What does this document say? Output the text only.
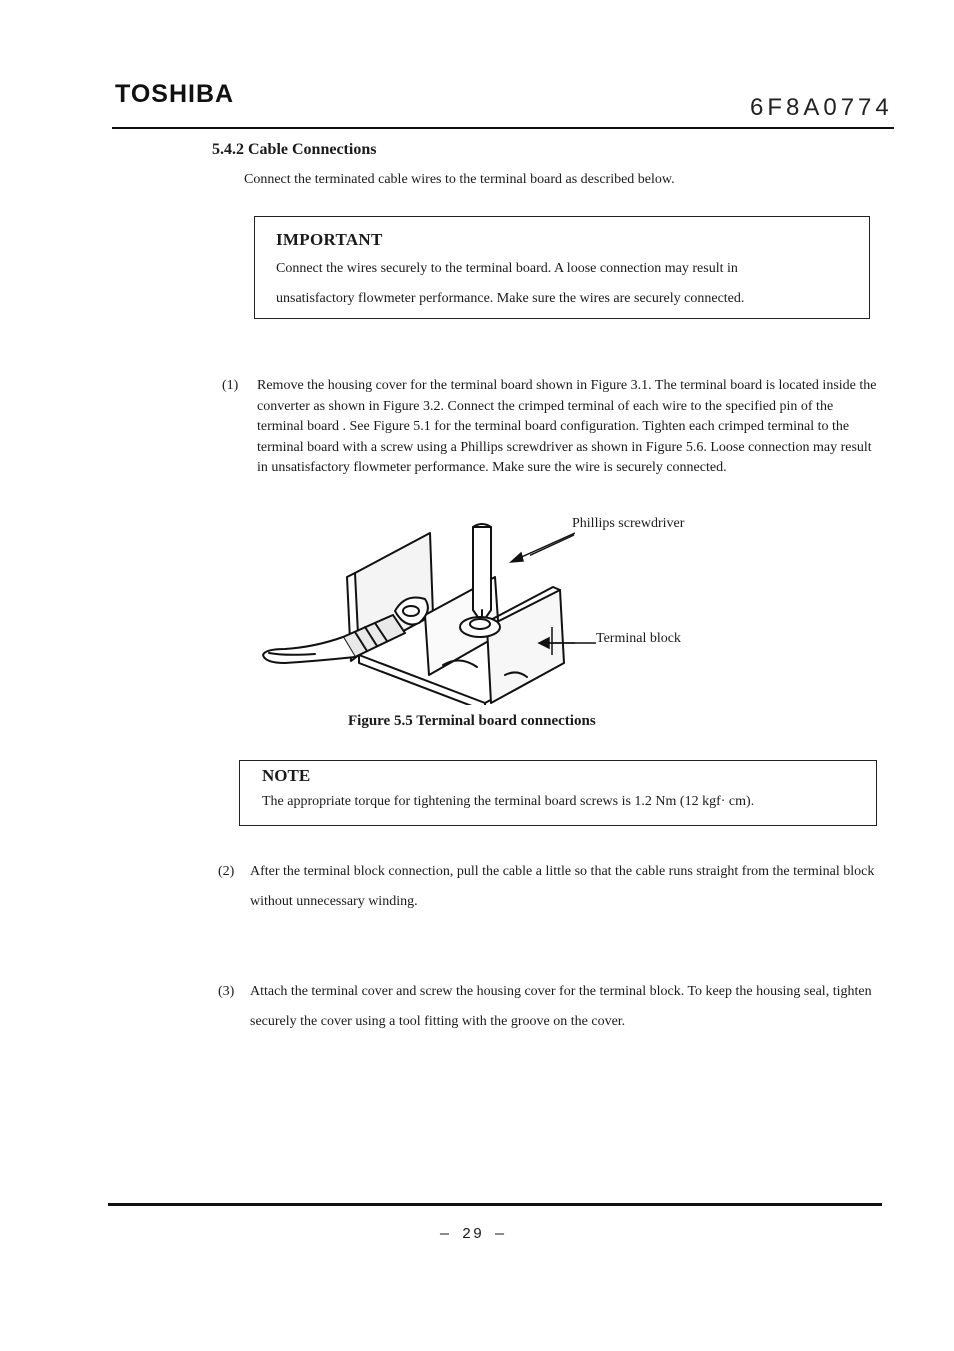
TOSHIBA	6F8A0774
5.4.2 Cable Connections
Connect the terminated cable wires to the terminal board as described below.
IMPORTANT
Connect the wires securely to the terminal board. A loose connection may result in
unsatisfactory flowmeter performance. Make sure the wires are securely connected.
(1) Remove the housing cover for the terminal board shown in Figure 3.1. The terminal board is located inside the converter as shown in Figure 3.2. Connect the crimped terminal of each wire to the specified pin of the terminal board . See Figure 5.1 for the terminal board configuration. Tighten each crimped terminal to the terminal board with a screw using a Phillips screwdriver as shown in Figure 5.6. Loose connection may result in unsatisfactory flowmeter performance. Make sure the wire is securely connected.
Phillips screwdriver
Terminal block
Figure 5.5 Terminal board connections
NOTE
The appropriate torque for tightening the terminal board screws is 1.2 Nm (12 kgf· cm).
(2) After the terminal block connection, pull the cable a little so that the cable runs straight from the terminal block without unnecessary winding.
(3) Attach the terminal cover and screw the housing cover for the terminal block. To keep the housing seal, tighten securely the cover using a tool fitting with the groove on the cover.
— 29 —
